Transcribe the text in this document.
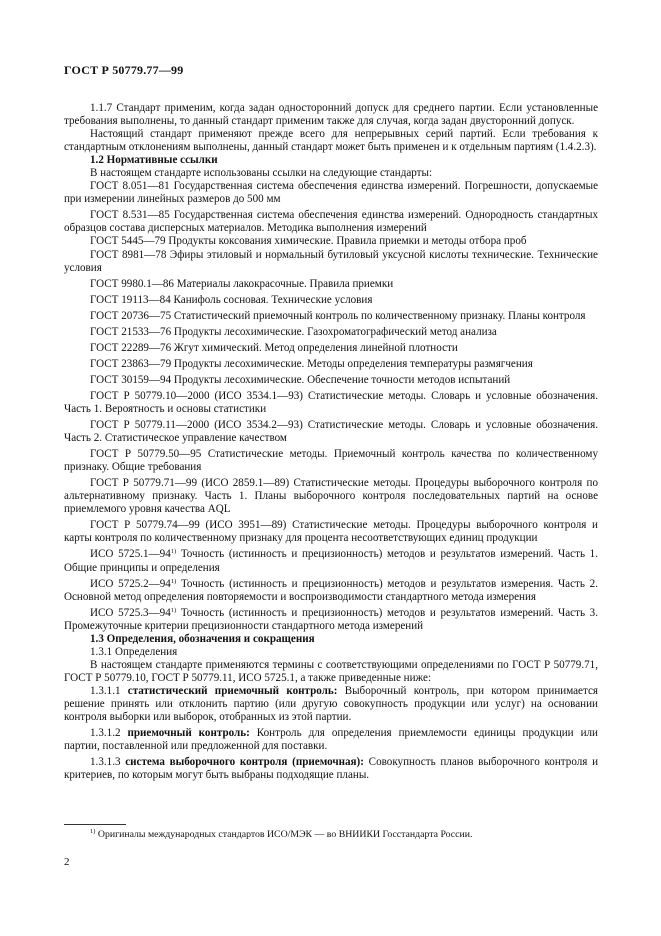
ГОСТ Р 50779.77—99

1.1.7 Стандарт применим, когда задан односторонний допуск для среднего партии. Если установленные требования выполнены, то данный стандарт применим также для случая, когда задан двусторонний допуск.

Настоящий стандарт применяют прежде всего для непрерывных серий партий. Если требования к стандартным отклонениям выполнены, данный стандарт может быть применен и к отдельным партиям (1.4.2.3).

1.2 Нормативные ссылки

В настоящем стандарте использованы ссылки на следующие стандарты:

ГОСТ 8.051—81 Государственная система обеспечения единства измерений. Погрешности, допускаемые при измерении линейных размеров до 500 мм

ГОСТ 8.531—85 Государственная система обеспечения единства измерений. Однородность стандартных образцов состава дисперсных материалов. Методика выполнения измерений

ГОСТ 5445—79 Продукты коксования химические. Правила приемки и методы отбора проб

ГОСТ 8981—78 Эфиры этиловый и нормальный бутиловый уксусной кислоты технические. Технические условия

ГОСТ 9980.1—86 Материалы лакокрасочные. Правила приемки

ГОСТ 19113—84 Канифоль сосновая. Технические условия

ГОСТ 20736—75 Статистический приемочный контроль по количественному признаку. Планы контроля

ГОСТ 21533—76 Продукты лесохимические. Газохроматографический метод анализа

ГОСТ 22289—76 Жгут химический. Метод определения линейной плотности

ГОСТ 23863—79 Продукты лесохимические. Методы определения температуры размягчения

ГОСТ 30159—94 Продукты лесохимические. Обеспечение точности методов испытаний

ГОСТ Р 50779.10—2000 (ИСО 3534.1—93) Статистические методы. Словарь и условные обозначения. Часть 1. Вероятность и основы статистики

ГОСТ Р 50779.11—2000 (ИСО 3534.2—93) Статистические методы. Словарь и условные обозначения. Часть 2. Статистическое управление качеством

ГОСТ Р 50779.50—95 Статистические методы. Приемочный контроль качества по количественному признаку. Общие требования

ГОСТ Р 50779.71—99 (ИСО 2859.1—89) Статистические методы. Процедуры выборочного контроля по альтернативному признаку. Часть 1. Планы выборочного контроля последовательных партий на основе приемлемого уровня качества AQL

ГОСТ Р 50779.74—99 (ИСО 3951—89) Статистические методы. Процедуры выборочного контроля и карты контроля по количественному признаку для процента несоответствующих единиц продукции

ИСО 5725.1—94$^{1)}$ Точность (истинность и прецизионность) методов и результатов измерений. Часть 1. Общие принципы и определения

ИСО 5725.2—94$^{1)}$ Точность (истинность и прецизионность) методов и результатов измерения. Часть 2. Основной метод определения повторяемости и воспроизводимости стандартного метода измерения

ИСО 5725.3—94$^{1)}$ Точность (истинность и прецизионность) методов и результатов измерений. Часть 3. Промежуточные критерии прецизионности стандартного метода измерений

1.3 Определения, обозначения и сокращения

1.3.1 Определения

В настоящем стандарте применяются термины с соответствующими определениями по ГОСТ Р 50779.71, ГОСТ Р 50779.10, ГОСТ Р 50779.11, ИСО 5725.1, а также приведенные ниже:

1.3.1.1 статистический приемочный контроль: Выборочный контроль, при котором принимается решение принять или отклонить партию (или другую совокупность продукции или услуг) на основании контроля выборки или выборок, отобранных из этой партии.

1.3.1.2 приемочный контроль: Контроль для определения приемлемости единицы продукции или партии, поставленной или предложенной для поставки.

1.3.1.3 система выборочного контроля (приемочная): Совокупность планов выборочного контроля и критериев, по которым могут быть выбраны подходящие планы.

$^{1)}$ Оригиналы международных стандартов ИСО/МЭК — во ВНИИКИ Госстандарта России.
2
